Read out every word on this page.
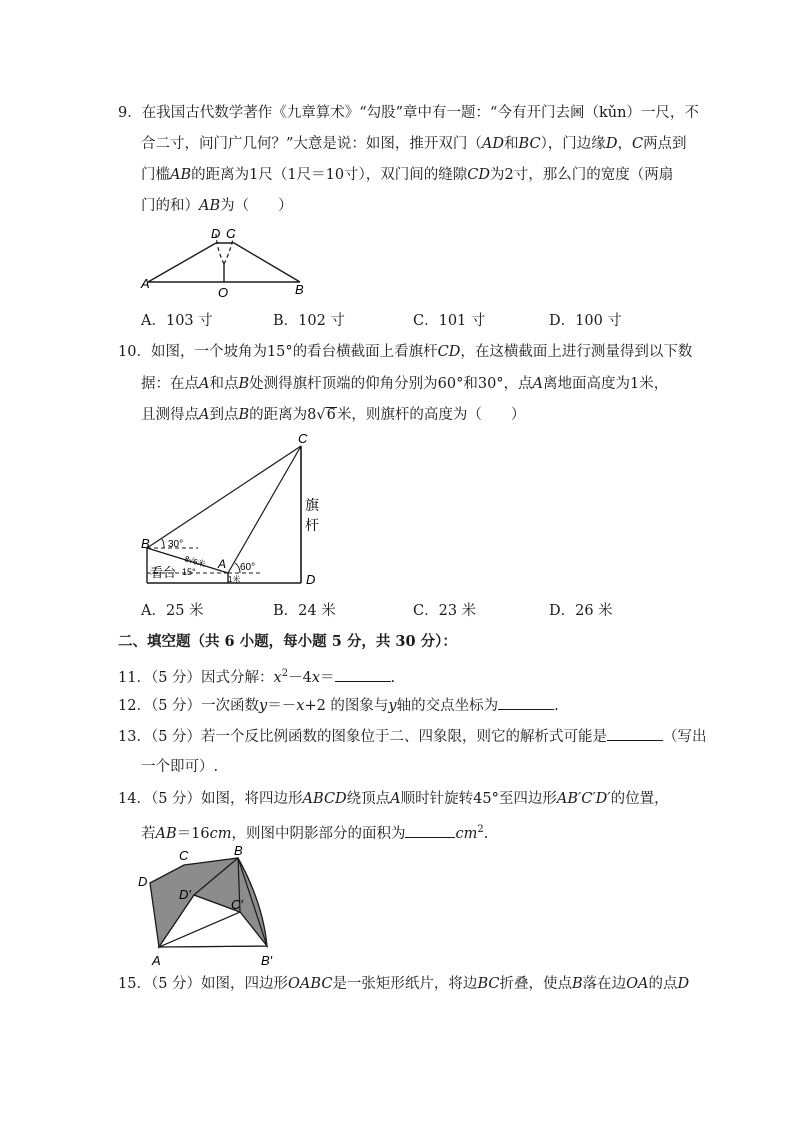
9．在我国古代数学著作《九章算术》“勾股”章中有一题：“今有开门去阃（kǔn）一尺，不
合二寸，问门广几何？”大意是说：如图，推开双门（AD和BC），门边缘D，C两点到
门槛AB的距离为1尺（1尺＝10寸），双门间的缝隙CD为2寸，那么门的宽度（两扇
门的和）AB为（　　）
A
O	B
D C
A．103 寸	B．102 寸	C．101 寸	D．100 寸
10．如图，一个坡角为15°的看台横截面上看旗杆CD，在这横截面上进行测量得到以下数
据：在点A和点B处测得旗杆顶端的仰角分别为60°和30°，点A离地面高度为1米，
且测得点A到点B的距离为8√6米，则旗杆的高度为（　　）
C
B
A
D
旗
杆
看台
30°
60°
15°
8√6米
1米
A．25 米	B．24 米	C．23 米	D．26 米
二、填空题（共 6 小题，每小题 5 分，共 30 分）：
11．（5 分）因式分解：$x^2-4x=$	.
12．（5 分）一次函数y＝－x+2 的图象与y轴的交点坐标为	.
13．（5 分）若一个反比例函数的图象位于二、四象限，则它的解析式可能是	（写出
一个即可）.
14．（5 分）如图，将四边形ABCD绕顶点A顺时针旋转45°至四边形AB′C′D′的位置，
若AB＝16cm，则图中阴影部分的面积为	$cm^2$.
C	B
D
D′
C′
A	B′
15．（5 分）如图，四边形OABC是一张矩形纸片，将边BC折叠，使点B落在边OA的点D
